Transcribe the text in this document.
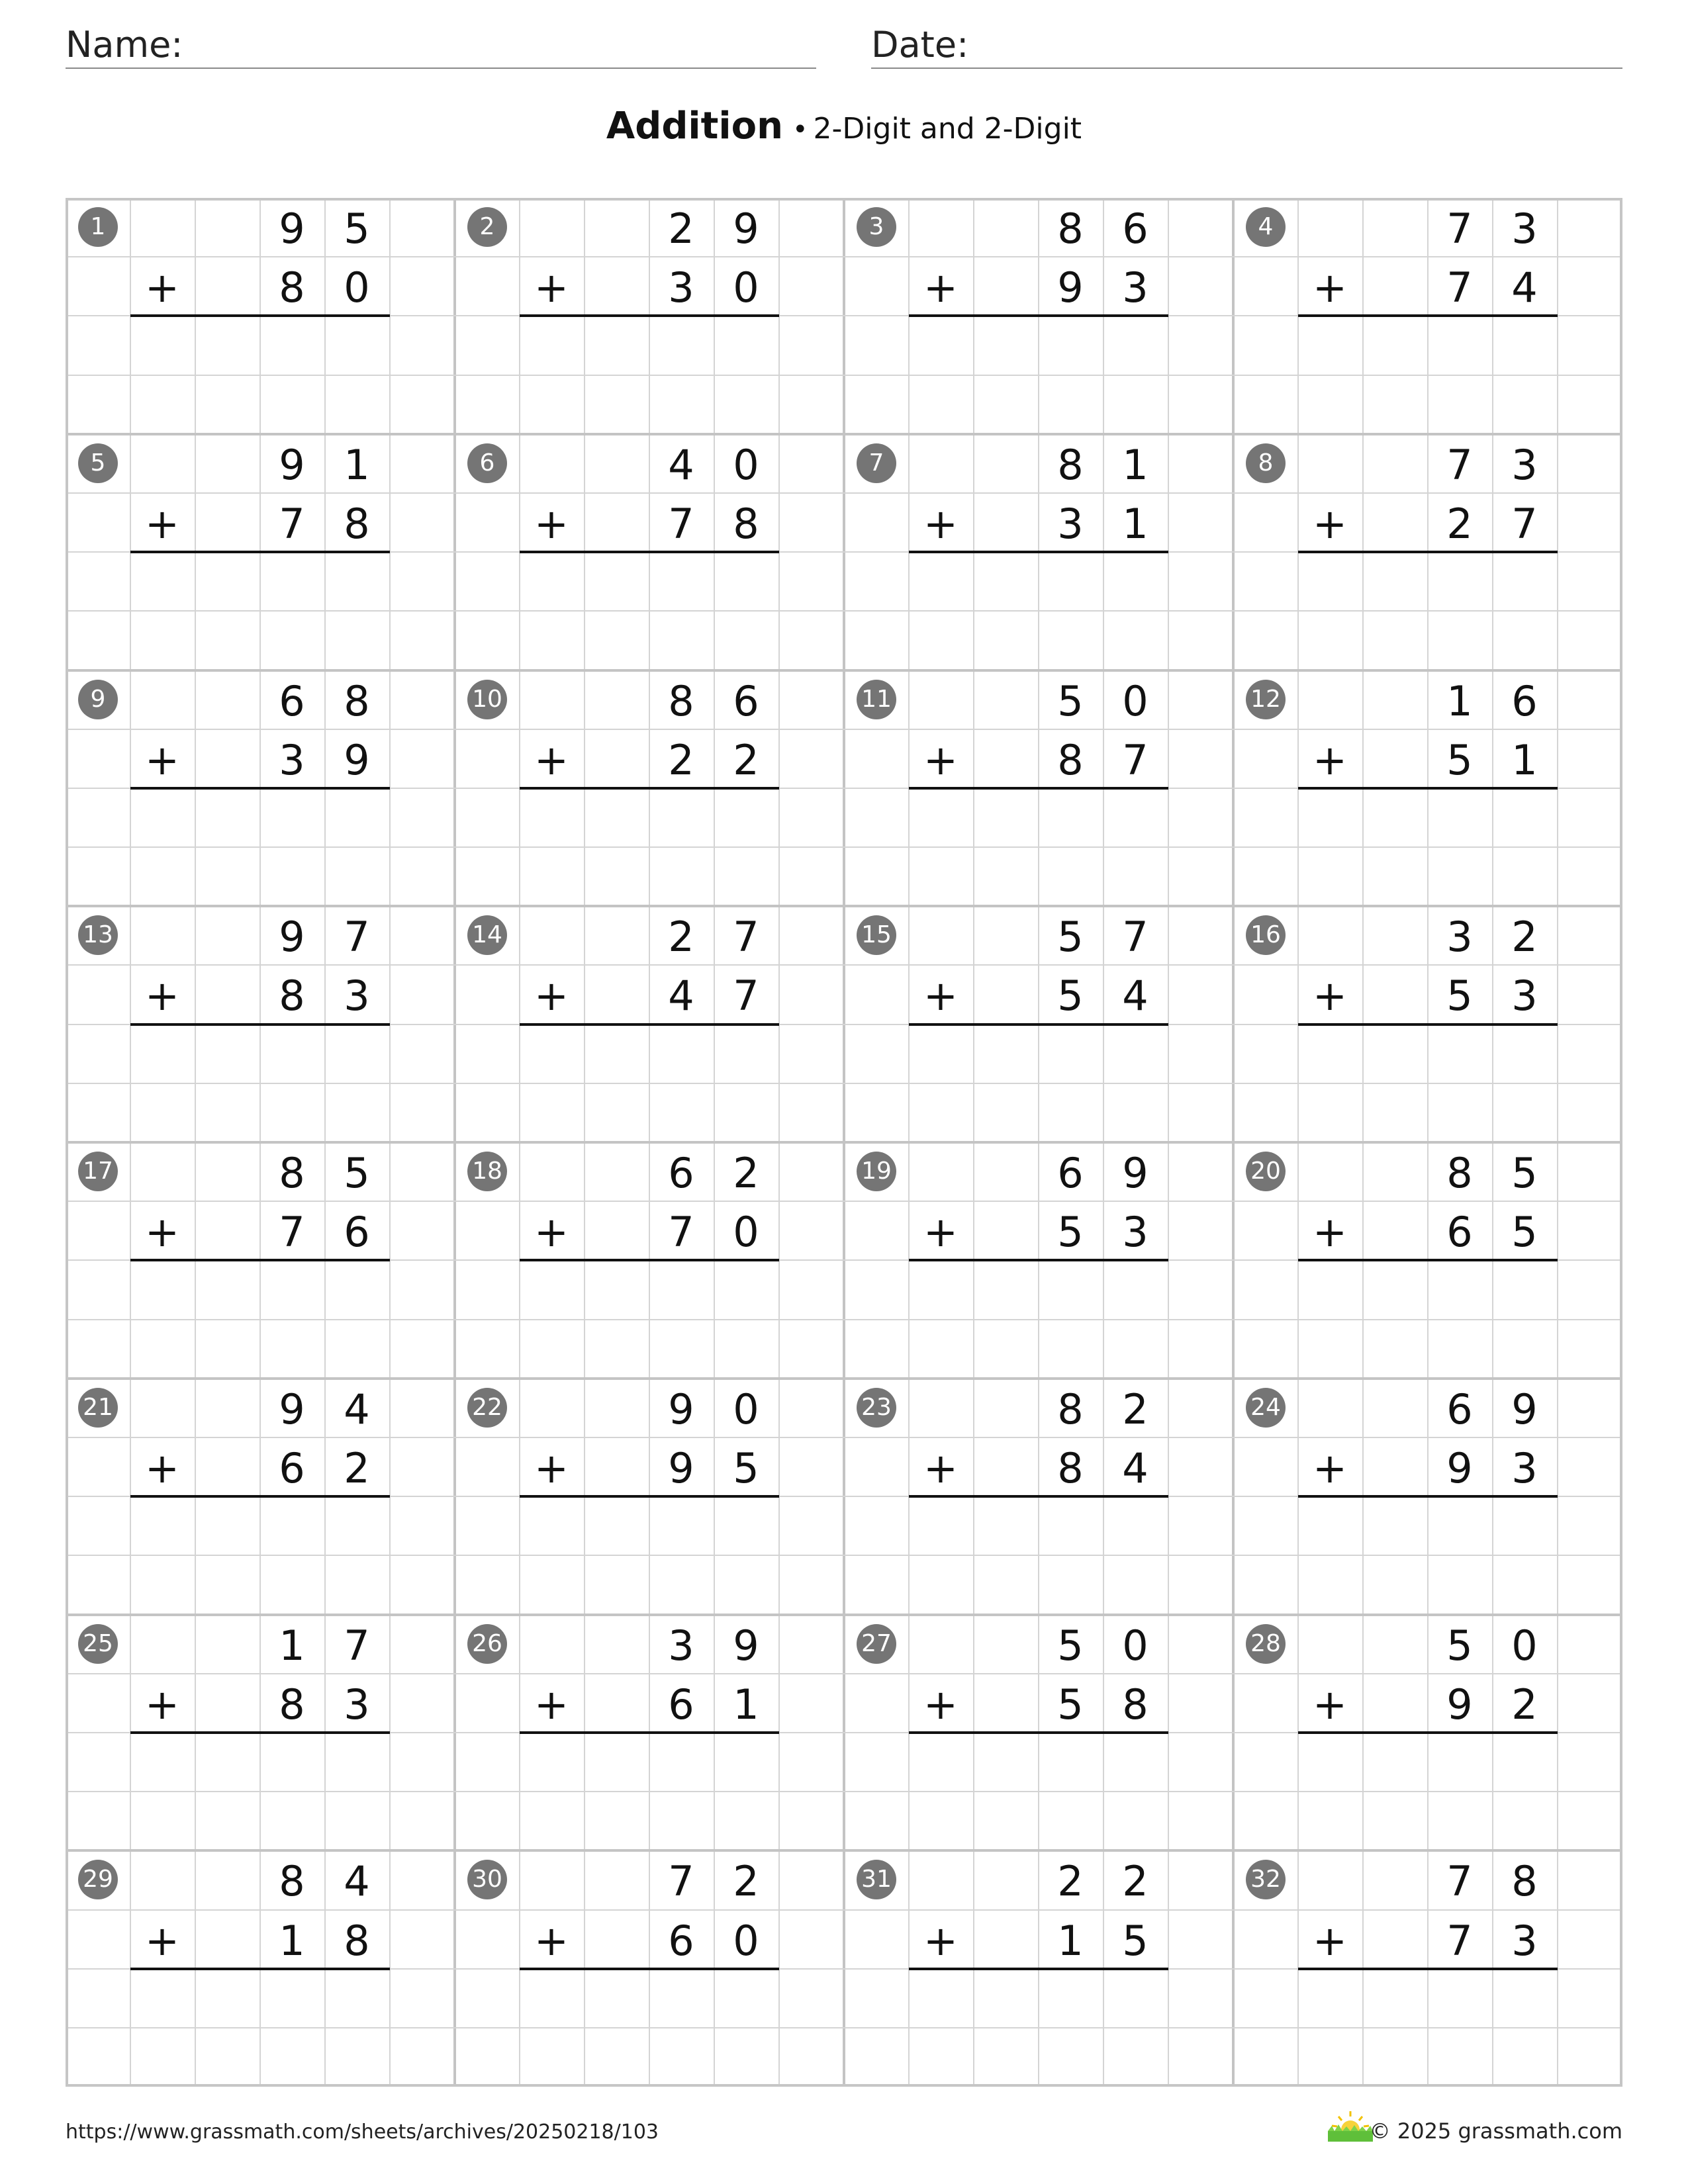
Name:	Date:
Addition • 2-Digit and 2-Digit
1	9 5
+	8 0
2	2 9
+	3 0
3	8 6
+	9 3
4	7 3
+	7 4
5	9 1
+	7 8
6	4 0
+	7 8
7	8 1
+	3 1
8	7 3
+	2 7
9	6 8
+	3 9
10	8 6
+	2 2
11	5 0
+	8 7
12	1 6
+	5 1
13	9 7
+	8 3
14	2 7
+	4 7
15	5 7
+	5 4
16	3 2
+	5 3
17	8 5
+	7 6
18	6 2
+	7 0
19	6 9
+	5 3
20	8 5
+	6 5
21	9 4
+	6 2
22	9 0
+	9 5
23	8 2
+	8 4
24	6 9
+	9 3
25	1 7
+	8 3
26	3 9
+	6 1
27	5 0
+	5 8
28	5 0
+	9 2
29	8 4
+	1 8
30	7 2
+	6 0
31	2 2
+	1 5
32	7 8
+	7 3
https://www.grassmath.com/sheets/archives/20250218/103	© 2025 grassmath.com
